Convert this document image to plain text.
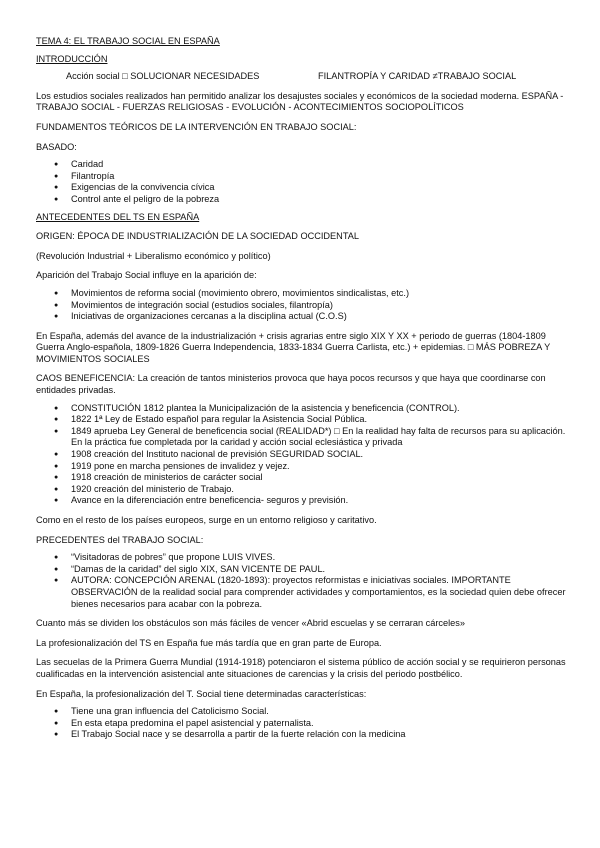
TEMA 4: EL TRABAJO SOCIAL EN ESPAÑA

INTRODUCCIÓN

Acción social □ SOLUCIONAR NECESIDADES	FILANTROPÍA Y CARIDAD ≠TRABAJO SOCIAL

Los estudios sociales realizados han permitido analizar los desajustes sociales y económicos de la sociedad moderna. ESPAÑA - TRABAJO SOCIAL - FUERZAS RELIGIOSAS - EVOLUCIÓN - ACONTECIMIENTOS SOCIOPOLÍTICOS

FUNDAMENTOS TEÓRICOS DE LA INTERVENCIÓN EN TRABAJO SOCIAL:

BASADO:

● Caridad
● Filantropía
● Exigencias de la convivencia cívica
● Control ante el peligro de la pobreza

ANTECEDENTES DEL TS EN ESPAÑA

ORIGEN: ÉPOCA DE INDUSTRIALIZACIÓN DE LA SOCIEDAD OCCIDENTAL

(Revolución Industrial + Liberalismo económico y político)

Aparición del Trabajo Social influye en la aparición de:

● Movimientos de reforma social (movimiento obrero, movimientos sindicalistas, etc.)
● Movimientos de integración social (estudios sociales, filantropía)
● Iniciativas de organizaciones cercanas a la disciplina actual (C.O.S)

En España, además del avance de la industrialización + crisis agrarias entre siglo XIX Y XX + periodo de guerras (1804-1809 Guerra Anglo-española, 1809-1826 Guerra Independencia, 1833-1834 Guerra Carlista, etc.) + epidemias. □ MÁS POBREZA Y MOVIMIENTOS SOCIALES

CAOS BENEFICENCIA: La creación de tantos ministerios provoca que haya pocos recursos y que haya que coordinarse con entidades privadas.

● CONSTITUCIÓN 1812 plantea la Municipalización de la asistencia y beneficencia (CONTROL).
● 1822 1ª Ley de Estado español para regular la Asistencia Social Pública.
● 1849 aprueba Ley General de beneficencia social (REALIDAD*) □ En la realidad hay falta de recursos para su aplicación. En la práctica fue completada por la caridad y acción social eclesiástica y privada
● 1908 creación del Instituto nacional de previsión SEGURIDAD SOCIAL.
● 1919 pone en marcha pensiones de invalidez y vejez.
● 1918 creación de ministerios de carácter social
● 1920 creación del ministerio de Trabajo.
● Avance en la diferenciación entre beneficencia- seguros y previsión.

Como en el resto de los países europeos, surge en un entorno religioso y caritativo.

PRECEDENTES del TRABAJO SOCIAL:

● “Visitadoras de pobres” que propone LUIS VIVES.
● “Damas de la caridad” del siglo XIX, SAN VICENTE DE PAUL.
● AUTORA: CONCEPCIÓN ARENAL (1820-1893): proyectos reformistas e iniciativas sociales. IMPORTANTE OBSERVACIÓN de la realidad social para comprender actividades y comportamientos, es la sociedad quien debe ofrecer bienes necesarios para acabar con la pobreza.

Cuanto más se dividen los obstáculos son más fáciles de vencer «Abrid escuelas y se cerraran cárceles»

La profesionalización del TS en España fue más tardía que en gran parte de Europa.

Las secuelas de la Primera Guerra Mundial (1914-1918) potenciaron el sistema público de acción social y se requirieron personas cualificadas en la intervención asistencial ante situaciones de carencias y la crisis del periodo postbélico.

En España, la profesionalización del T. Social tiene determinadas características:

● Tiene una gran influencia del Catolicismo Social.
● En esta etapa predomina el papel asistencial y paternalista.
● El Trabajo Social nace y se desarrolla a partir de la fuerte relación con la medicina
